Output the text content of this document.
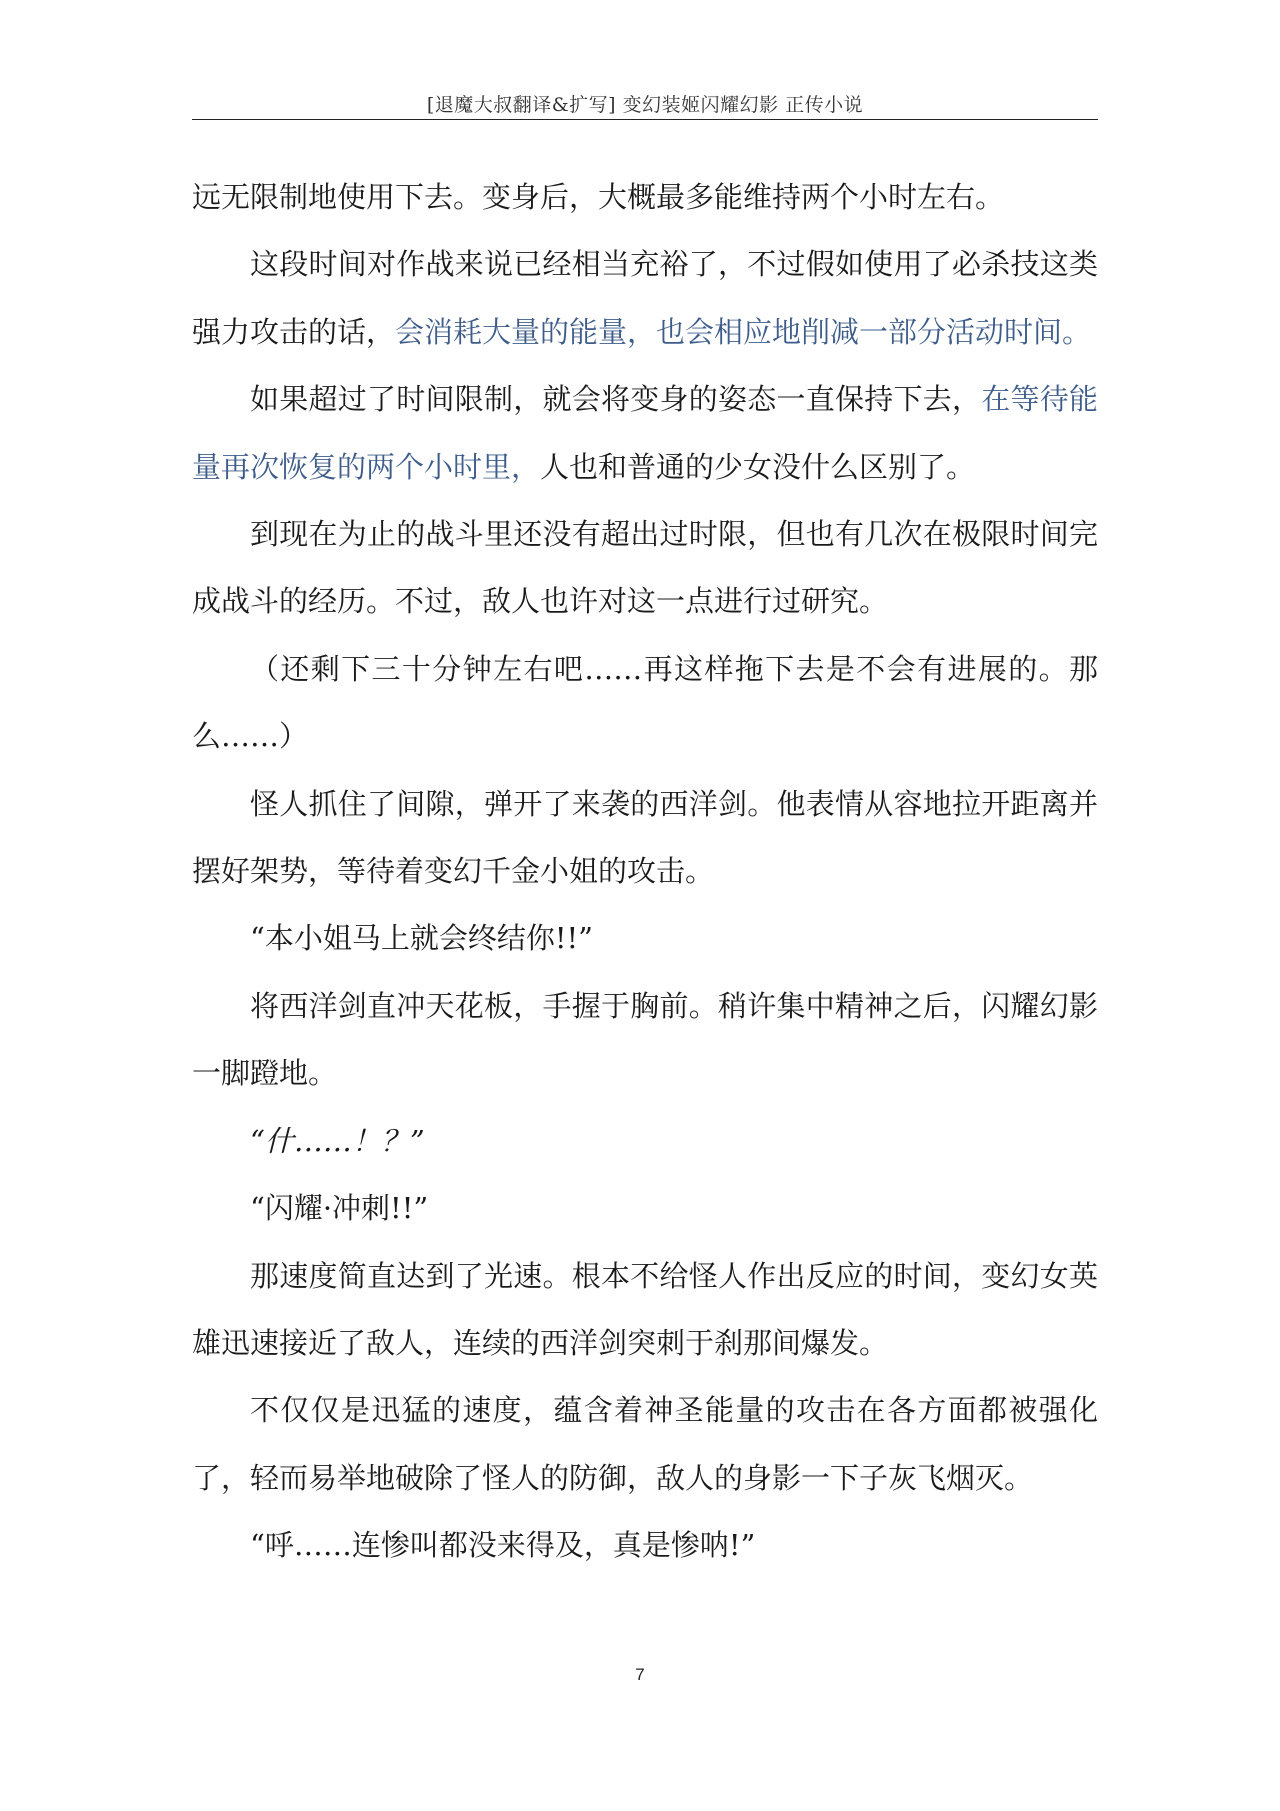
[退魔大叔翻译&扩写] 变幻装姬闪耀幻影 正传小说

远无限制地使用下去。变身后，大概最多能维持两个小时左右。

这段时间对作战来说已经相当充裕了，不过假如使用了必杀技这类强力攻击的话，会消耗大量的能量，也会相应地削减一部分活动时间。

如果超过了时间限制，就会将变身的姿态一直保持下去，在等待能量再次恢复的两个小时里，人也和普通的少女没什么区别了。

到现在为止的战斗里还没有超出过时限，但也有几次在极限时间完成战斗的经历。不过，敌人也许对这一点进行过研究。

（还剩下三十分钟左右吧……再这样拖下去是不会有进展的。那么……）

怪人抓住了间隙，弹开了来袭的西洋剑。他表情从容地拉开距离并摆好架势，等待着变幻千金小姐的攻击。

“本小姐马上就会终结你!!”

将西洋剑直冲天花板，手握于胸前。稍许集中精神之后，闪耀幻影一脚蹬地。

“什……！？”

“闪耀·冲刺!!”

那速度简直达到了光速。根本不给怪人作出反应的时间，变幻女英雄迅速接近了敌人，连续的西洋剑突刺于刹那间爆发。

不仅仅是迅猛的速度，蕴含着神圣能量的攻击在各方面都被强化了，轻而易举地破除了怪人的防御，敌人的身影一下子灰飞烟灭。

“呼……连惨叫都没来得及，真是惨呐!”

7
